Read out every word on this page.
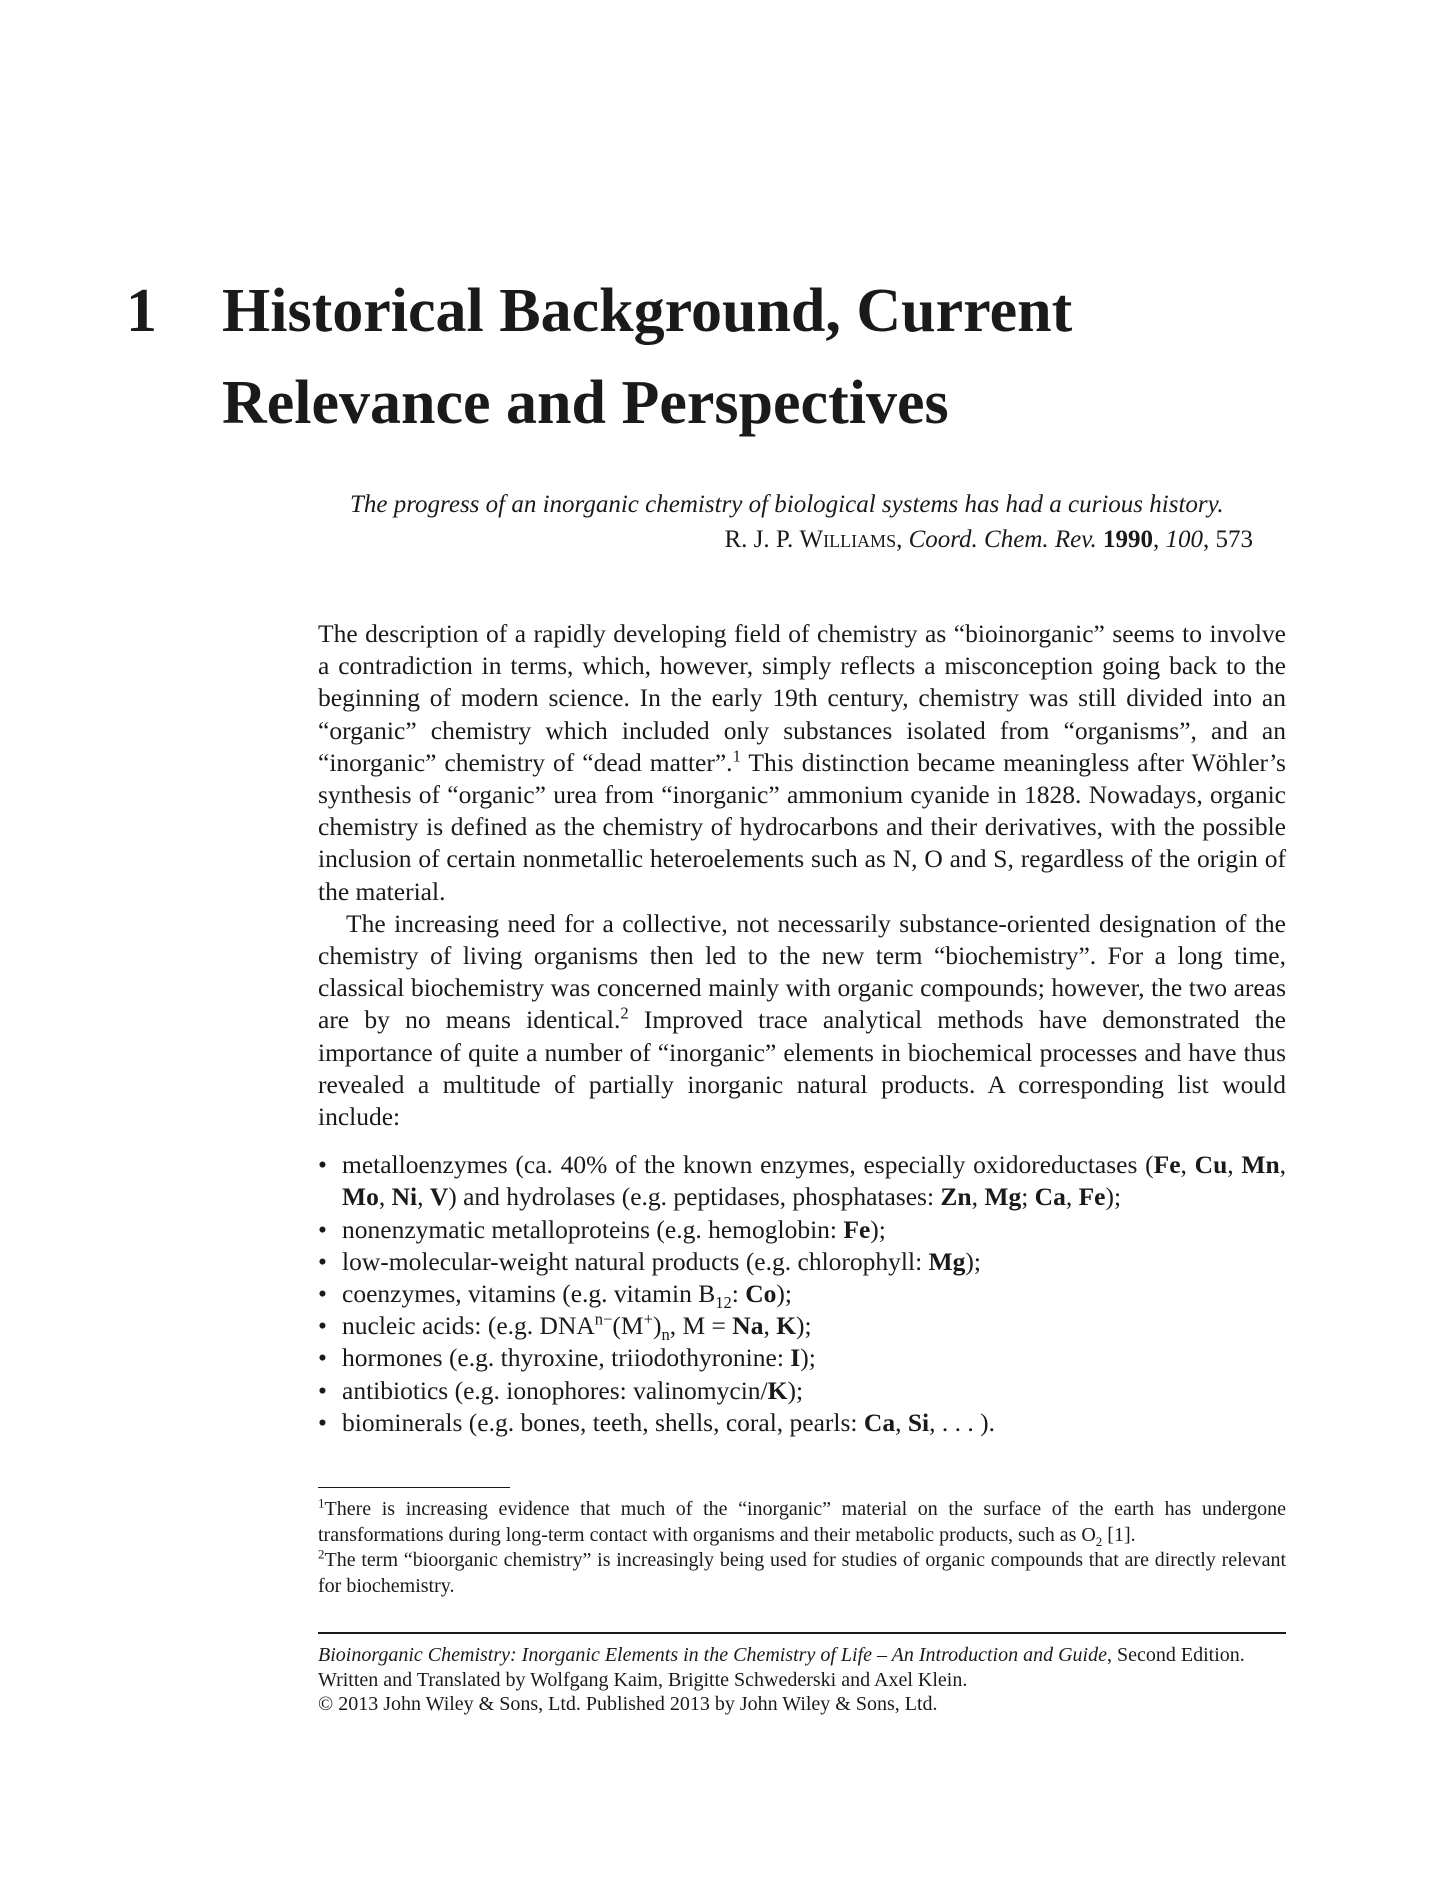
1 Historical Background, Current
Relevance and Perspectives

The progress of an inorganic chemistry of biological systems has had a curious history.

R. J. P. Williams, Coord. Chem. Rev. 1990, 100, 573

The description of a rapidly developing field of chemistry as “bioinorganic” seems to involve a contradiction in terms, which, however, simply reflects a misconception going back to the beginning of modern science. In the early 19th century, chemistry was still divided into an “organic” chemistry which included only substances isolated from “organisms”, and an “inorganic” chemistry of “dead matter”.$^1$ This distinction became meaningless after Wöhler’s synthesis of “organic” urea from “inorganic” ammonium cyanide in 1828. Nowadays, organic chemistry is defined as the chemistry of hydrocarbons and their derivatives, with the possible inclusion of certain nonmetallic heteroelements such as N, O and S, regardless of the origin of the material.

The increasing need for a collective, not necessarily substance-oriented designation of the chemistry of living organisms then led to the new term “biochemistry”. For a long time, classical biochemistry was concerned mainly with organic compounds; however, the two areas are by no means identical.$^2$ Improved trace analytical methods have demonstrated the importance of quite a number of “inorganic” elements in biochemical processes and have thus revealed a multitude of partially inorganic natural products. A corresponding list would include:

• metalloenzymes (ca. 40% of the known enzymes, especially oxidoreductases (Fe, Cu, Mn, Mo, Ni, V) and hydrolases (e.g. peptidases, phosphatases: Zn, Mg; Ca, Fe);
• nonenzymatic metalloproteins (e.g. hemoglobin: Fe);
• low-molecular-weight natural products (e.g. chlorophyll: Mg);
• coenzymes, vitamins (e.g. vitamin $B_{12}$: Co);
• nucleic acids: (e.g. $DNA^{n-}(M^+)_n$, M = Na, K);
• hormones (e.g. thyroxine, triiodothyronine: I);
• antibiotics (e.g. ionophores: valinomycin/K);
• biominerals (e.g. bones, teeth, shells, coral, pearls: Ca, Si, . . . ).

$^1$There is increasing evidence that much of the “inorganic” material on the surface of the earth has undergone transformations during long-term contact with organisms and their metabolic products, such as $O_2$ [1].

$^2$The term “bioorganic chemistry” is increasingly being used for studies of organic compounds that are directly relevant for biochemistry.

Bioinorganic Chemistry: Inorganic Elements in the Chemistry of Life – An Introduction and Guide, Second Edition.

Written and Translated by Wolfgang Kaim, Brigitte Schwederski and Axel Klein.

© 2013 John Wiley & Sons, Ltd. Published 2013 by John Wiley & Sons, Ltd.
